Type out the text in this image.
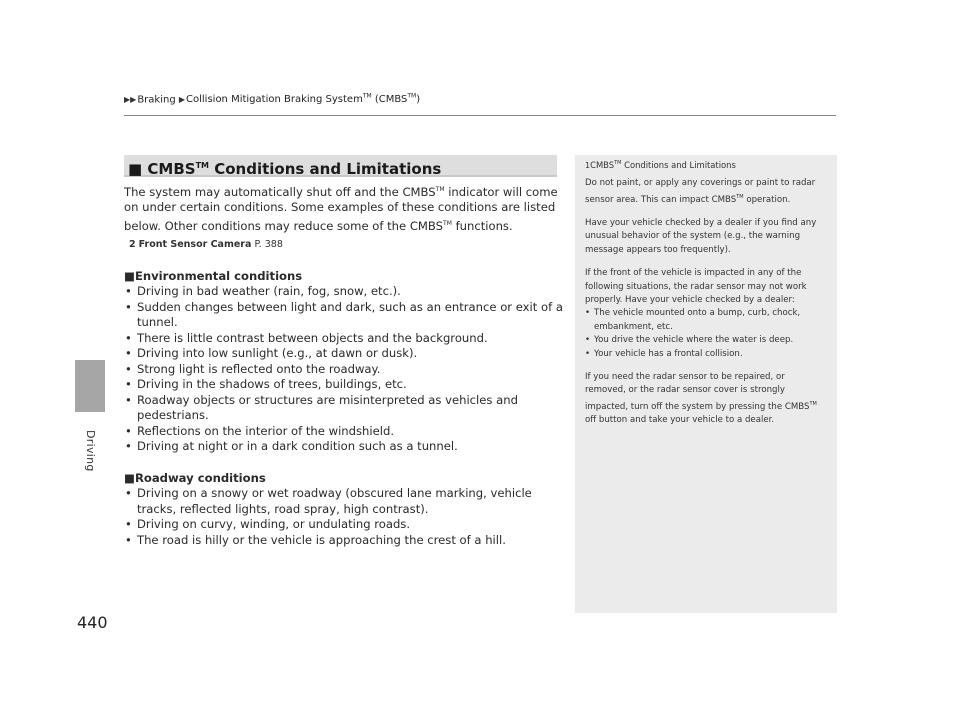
▶▶Braking ▶Collision Mitigation Braking System™ (CMBS™)
Driving
440
■ CMBS™ Conditions and Limitations

The system may automatically shut off and the CMBS™ indicator will come on under certain conditions. Some examples of these conditions are listed below. Other conditions may reduce some of the CMBS™ functions.

2 Front Sensor Camera P. 388
■Environmental conditions
• Driving in bad weather (rain, fog, snow, etc.).
• Sudden changes between light and dark, such as an entrance or exit of a tunnel.
• There is little contrast between objects and the background.
• Driving into low sunlight (e.g., at dawn or dusk).
• Strong light is reflected onto the roadway.
• Driving in the shadows of trees, buildings, etc.
• Roadway objects or structures are misinterpreted as vehicles and pedestrians.
• Reflections on the interior of the windshield.
• Driving at night or in a dark condition such as a tunnel.
■Roadway conditions
• Driving on a snowy or wet roadway (obscured lane marking, vehicle tracks, reflected lights, road spray, high contrast).
• Driving on curvy, winding, or undulating roads.
• The road is hilly or the vehicle is approaching the crest of a hill.
1CMBS™ Conditions and Limitations

Do not paint, or apply any coverings or paint to radar sensor area. This can impact CMBS™ operation.

Have your vehicle checked by a dealer if you find any unusual behavior of the system (e.g., the warning message appears too frequently).

If the front of the vehicle is impacted in any of the following situations, the radar sensor may not work properly. Have your vehicle checked by a dealer:

• The vehicle mounted onto a bump, curb, chock, embankment, etc.
• You drive the vehicle where the water is deep.
• Your vehicle has a frontal collision.

If you need the radar sensor to be repaired, or removed, or the radar sensor cover is strongly impacted, turn off the system by pressing the CMBS™ off button and take your vehicle to a dealer.
